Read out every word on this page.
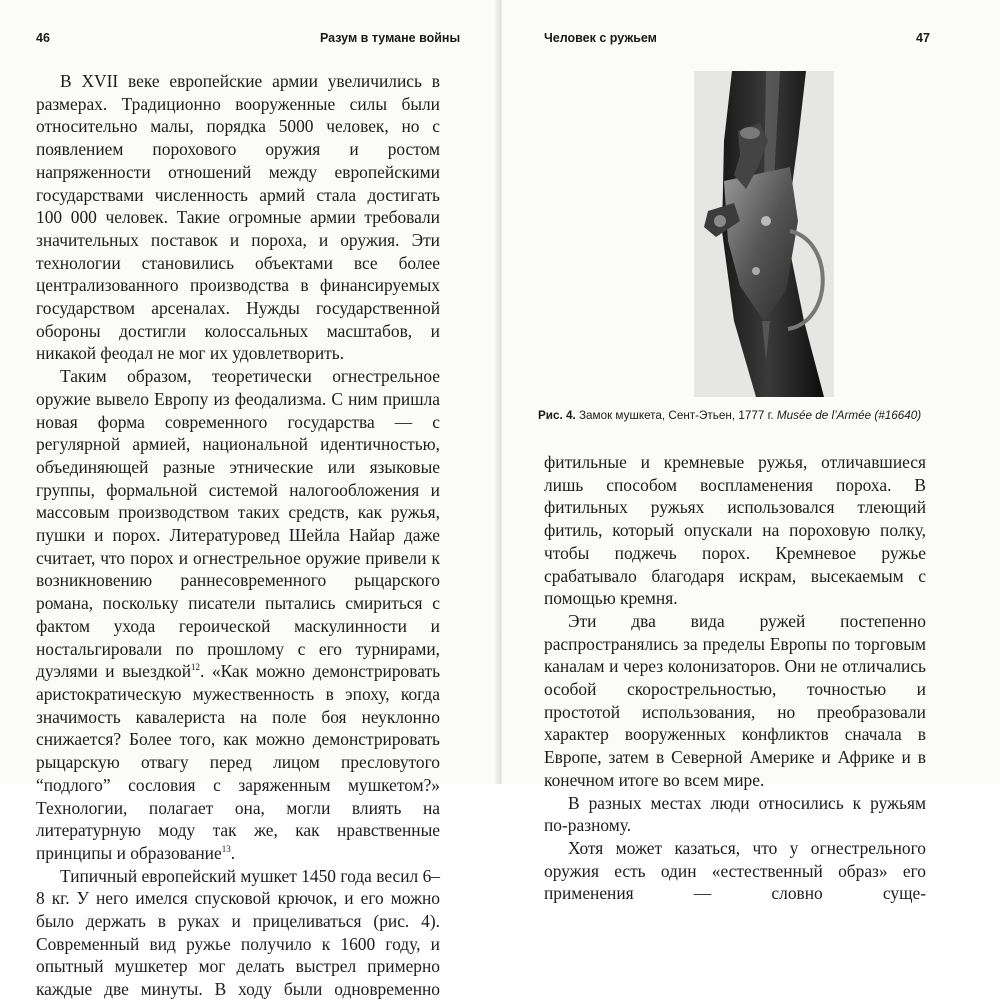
46	Разум в тумане войны

В XVII веке европейские армии увеличились в размерах. Традиционно вооруженные силы были относительно малы, порядка 5000 человек, но с появлением порохового оружия и ростом напряженности отношений между европейскими государствами численность армий стала достигать 100 000 человек. Такие огромные армии требовали значительных поставок и пороха, и оружия. Эти технологии становились объектами все более централизованного производства в финансируемых государством арсеналах. Нужды государственной обороны достигли колоссальных масштабов, и никакой феодал не мог их удовлетворить.

Таким образом, теоретически огнестрельное оружие вывело Европу из феодализма. С ним пришла новая форма современного государства — с регулярной армией, национальной идентичностью, объединяющей разные этнические или языковые группы, формальной системой налогообложения и массовым производством таких средств, как ружья, пушки и порох. Литературовед Шейла Найар даже считает, что порох и огнестрельное оружие привели к возникновению раннесовременного рыцарского романа, поскольку писатели пытались смириться с фактом ухода героической маскулинности и ностальгировали по прошлому с его турнирами, дуэлями и выездкой$^{12}$. «Как можно демонстрировать аристократическую мужественность в эпоху, когда значимость кавалериста на поле боя неуклонно снижается? Более того, как можно демонстрировать рыцарскую отвагу перед лицом пресловутого “подлого” сословия с заряженным мушкетом?» Технологии, полагает она, могли влиять на литературную моду так же, как нравственные принципы и образование$^{13}$.

Типичный европейский мушкет 1450 года весил 6–8 кг. У него имелся спусковой крючок, и его можно было держать в руках и прицеливаться (рис. 4). Современный вид ружье получило к 1600 году, и опытный мушкетер мог делать выстрел примерно каждые две минуты. В ходу были одновременно

Человек с ружьем	47
Рис. 4. Замок мушкета, Сент-Этьен, 1777 г. Musée de l’Armée (#16640)

фитильные и кремневые ружья, отличавшиеся лишь способом воспламенения пороха. В фитильных ружьях использовался тлеющий фитиль, который опускали на пороховую полку, чтобы поджечь порох. Кремневое ружье срабатывало благодаря искрам, высекаемым с помощью кремня.

Эти два вида ружей постепенно распространялись за пределы Европы по торговым каналам и через колонизаторов. Они не отличались особой скорострельностью, точностью и простотой использования, но преобразовали характер вооруженных конфликтов сначала в Европе, затем в Северной Америке и Африке и в конечном итоге во всем мире.

В разных местах люди относились к ружьям по-разному.

Хотя может казаться, что у огнестрельного оружия есть один «естественный образ» его применения — словно суще-
